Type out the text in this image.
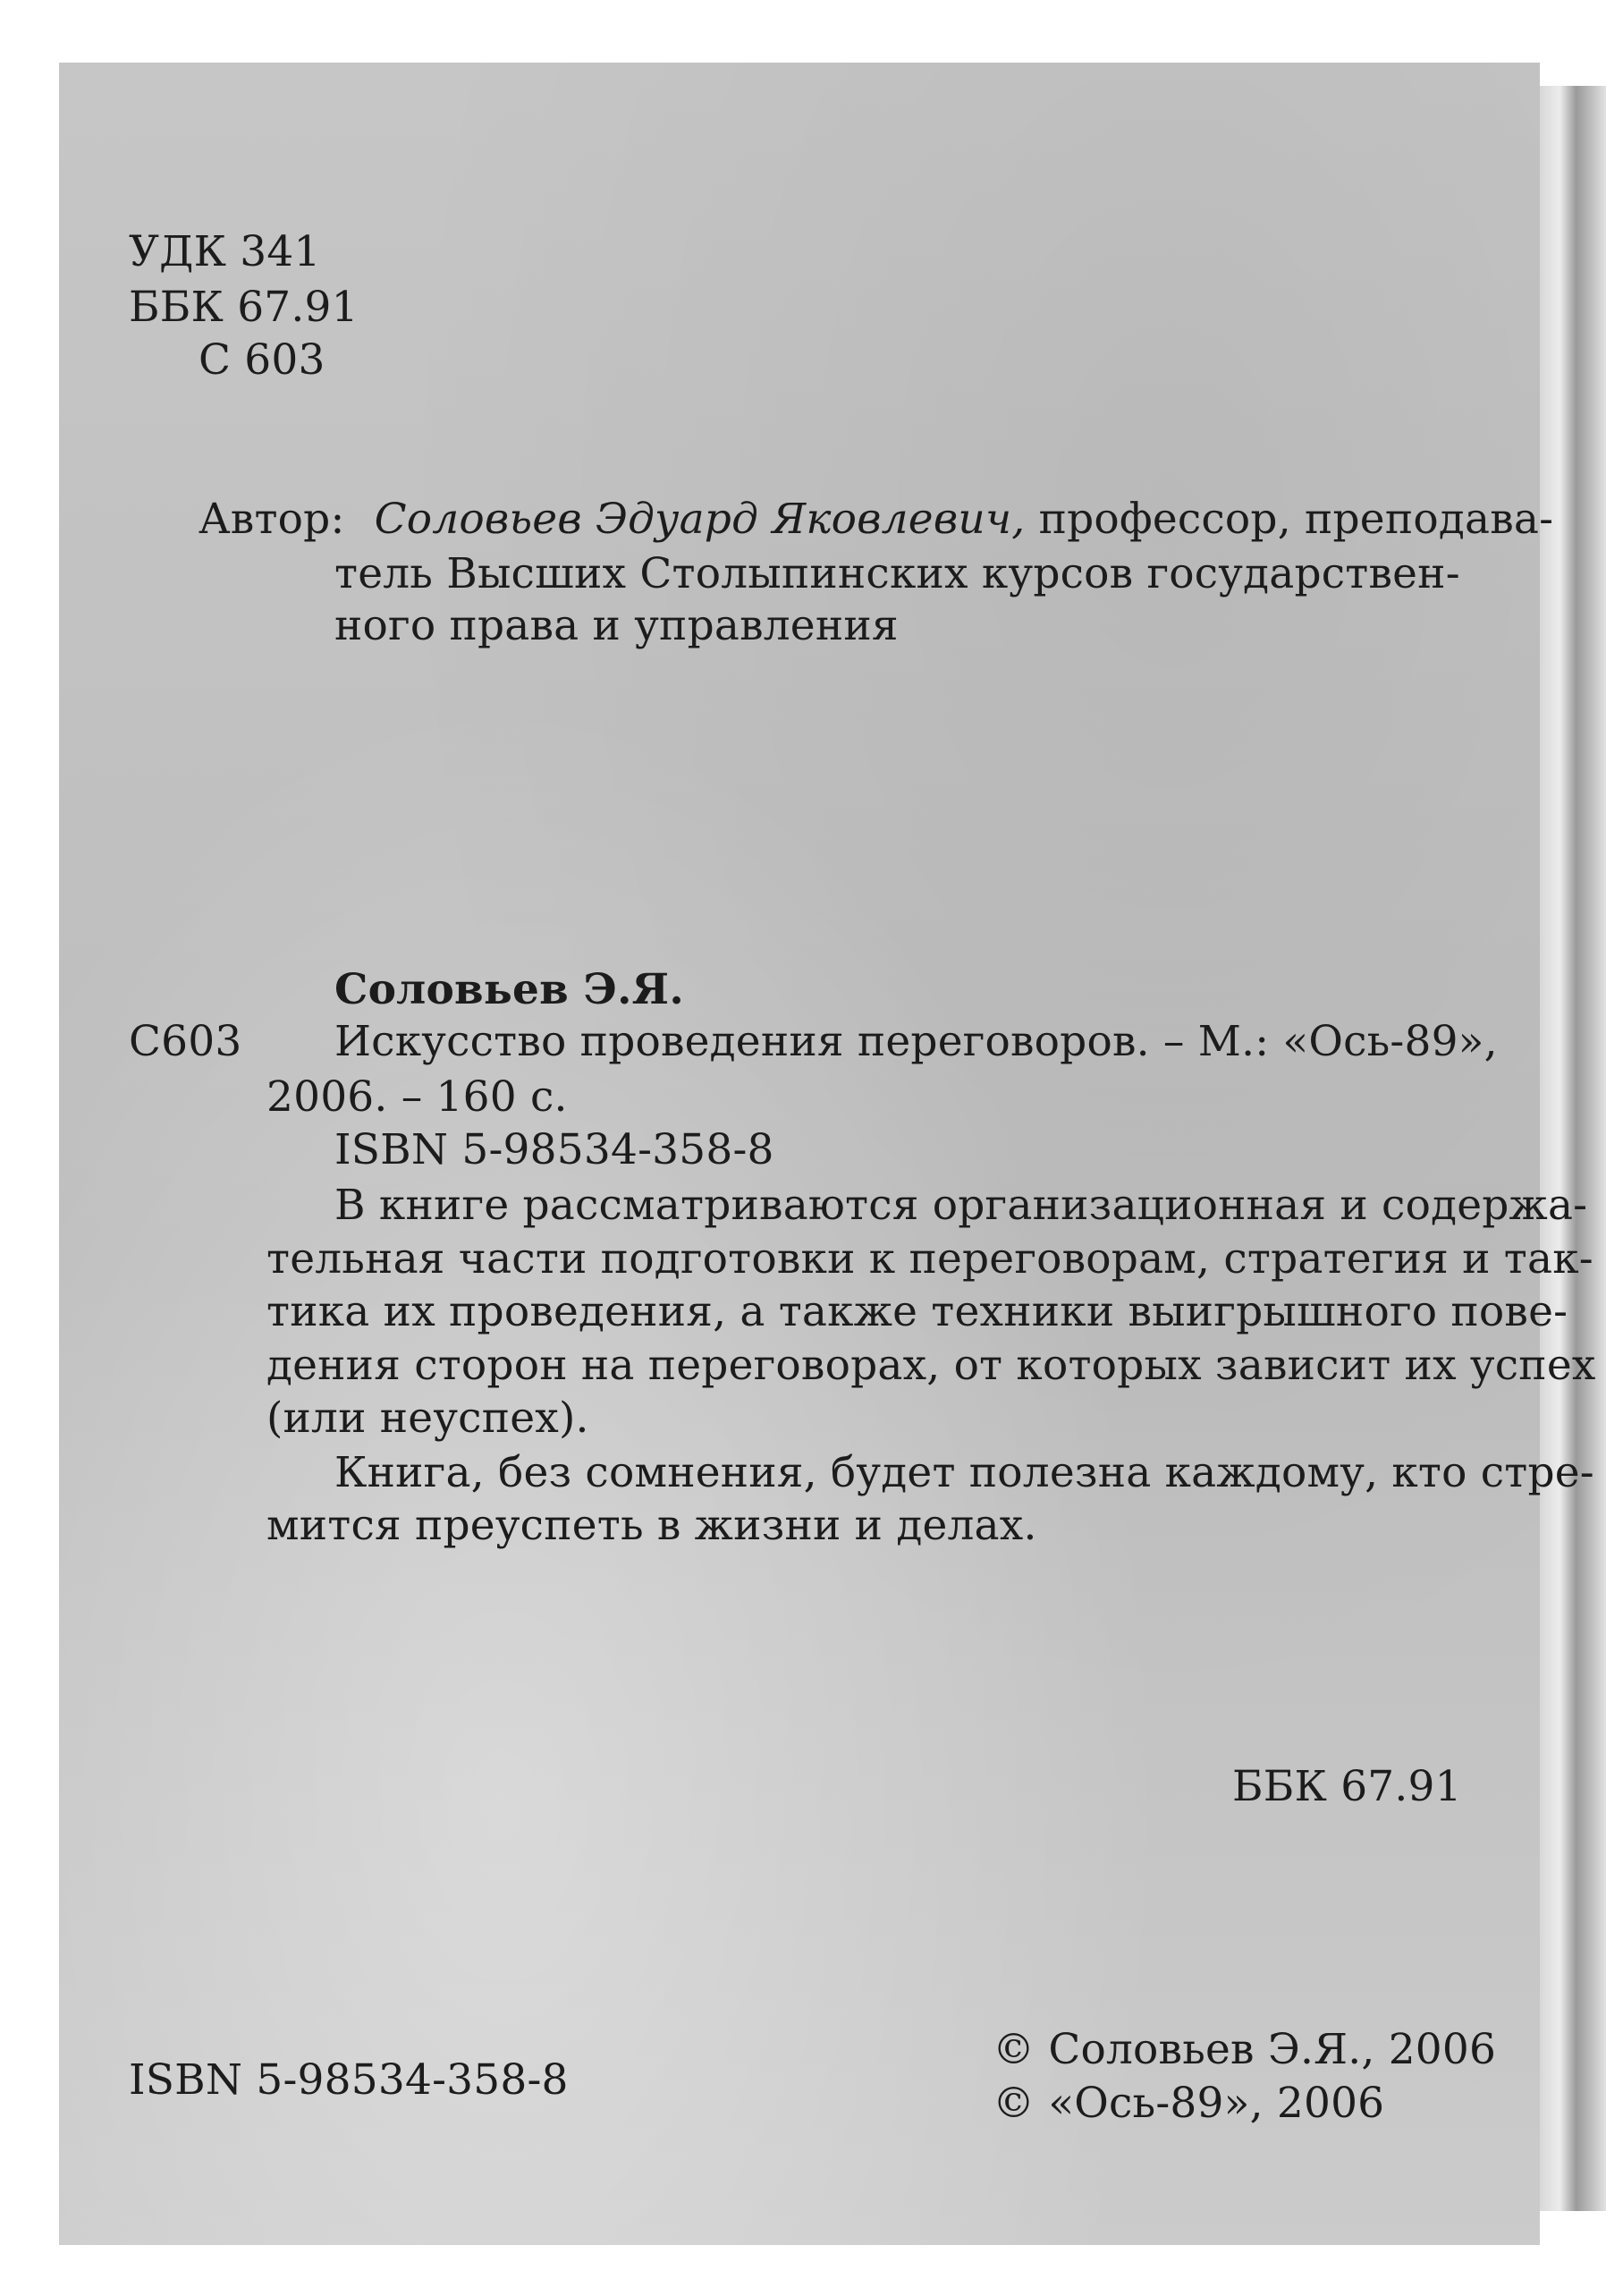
УДК 341
ББК 67.91
С 603
Автор: Соловьев Эдуард Яковлевич, профессор, преподава-
тель Высших Столыпинских курсов государствен-
ного права и управления
Соловьев Э.Я.
С603 Искусство проведения переговоров. – М.: «Ось-89»,
2006. – 160 с.
ISBN 5-98534-358-8
В книге рассматриваются организационная и содержа-
тельная части подготовки к переговорам, стратегия и так-
тика их проведения, а также техники выигрышного пове-
дения сторон на переговорах, от которых зависит их успех
(или неуспех).
Книга, без сомнения, будет полезна каждому, кто стре-
мится преуспеть в жизни и делах.
ББК 67.91
ISBN 5-98534-358-8
© Соловьев Э.Я., 2006
© «Ось-89», 2006
